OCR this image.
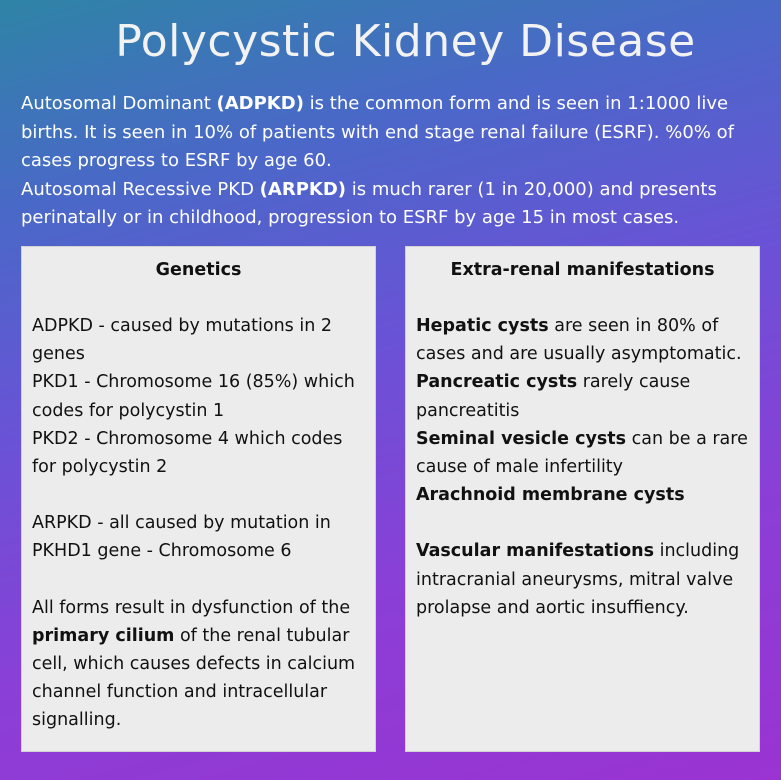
Polycystic Kidney Disease

Autosomal Dominant (ADPKD) is the common form and is seen in 1:1000 live births. It is seen in 10% of patients with end stage renal failure (ESRF). %0% of cases progress to ESRF by age 60.

Autosomal Recessive PKD (ARPKD) is much rarer (1 in 20,000) and presents perinatally or in childhood, progression to ESRF by age 15 in most cases.

Genetics

ADPKD - caused by mutations in 2 genes

PKD1 - Chromosome 16 (85%) which codes for polycystin 1

PKD2 - Chromosome 4 which codes for polycystin 2

ARPKD - all caused by mutation in PKHD1 gene - Chromosome 6

All forms result in dysfunction of the primary cilium of the renal tubular cell, which causes defects in calcium channel function and intracellular signalling.

Extra-renal manifestations

Hepatic cysts are seen in 80% of cases and are usually asymptomatic.

Pancreatic cysts rarely cause pancreatitis

Seminal vesicle cysts can be a rare cause of male infertility

Arachnoid membrane cysts

Vascular manifestations including intracranial aneurysms, mitral valve prolapse and aortic insuffiency.
